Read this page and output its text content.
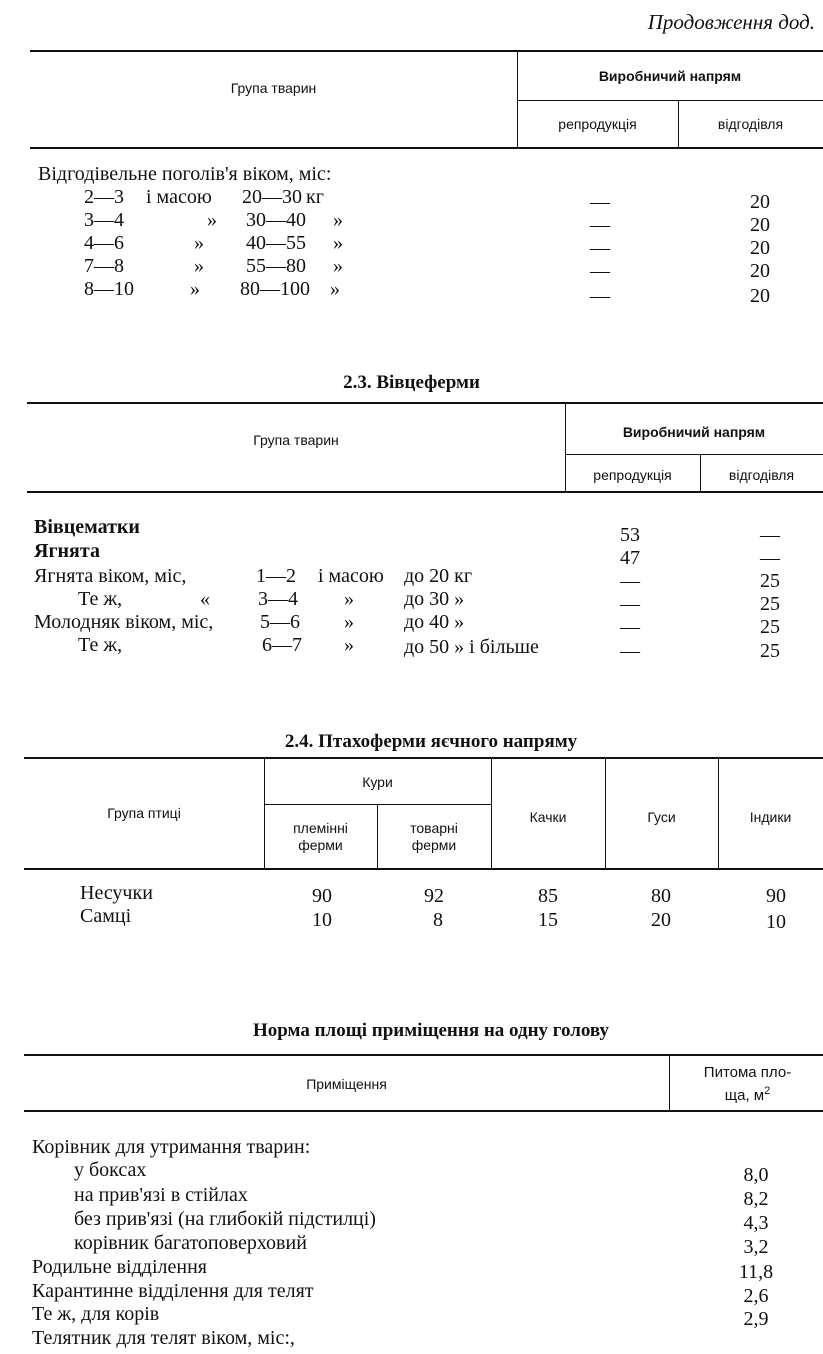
Продовження дод.
Група тварин
Виробничий напрям
репродукція	відгодівля
Відгодівельне поголів'я віком, міс:
2—3 і масою 20—30 кг	—	20
3—4	» 30—40 »	—	20
4—6	» 40—55 »	—	20
7—8	» 55—80 »	—	20
8—10	» 80—100 »	—	20
2.3. Вівцеферми
Група тварин	Виробничий напрям
репродукція	відгодівля
Вівцематки	53	—
Ягнята	47	—
Ягнята віком, міс,	1—2 і масою до 20 кг	—	25
Те ж,	« 3—4 »	до 30 »	—	25
Молодняк віком, міс, 5—6 »	до 40 »	—	25
Те ж,	6—7 »	до 50 » і більше	—	25
2.4. Птахоферми яєчного напряму
Група птиці
Кури
племінні
ферми
товарні
ферми
Качки	Гуси	Індики
Несучки	90	92	85	80	90
Самці	10	8	15	20	10
Норма площі приміщення на одну голову
Приміщення
Питома пло-
ща, $м^2$
Корівник для утримання тварин:
у боксах	8,0
на прив'язі в стійлах	8,2
без прив'язі (на глибокій підстилці)	4,3
корівник багатоповерховий	3,2
Родильне відділення	11,8
Карантинне відділення для телят	2,6
Те ж, для корів	2,9
Телятник для телят віком, міс:,
